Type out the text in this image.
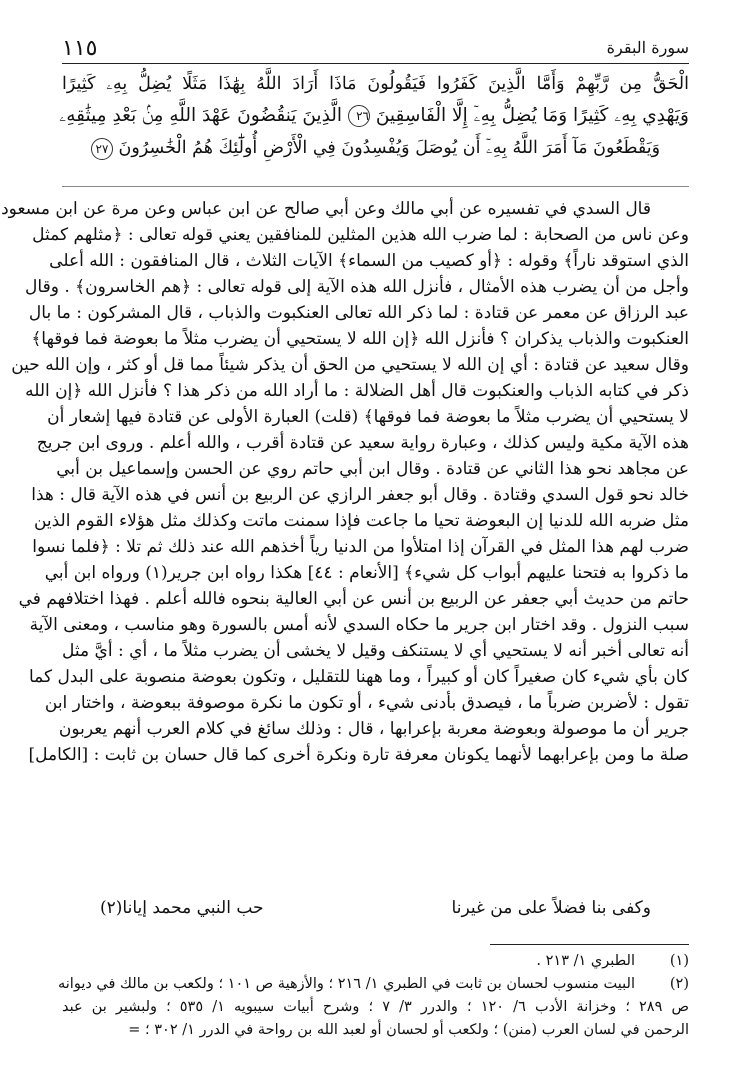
١١٥	سورة البقرة
الْحَقُّ مِن رَّبِّهِمْ وَأَمَّا الَّذِينَ كَفَرُوا فَيَقُولُونَ مَاذَا أَرَادَ اللَّهُ بِهَٰذَا مَثَلًا يُضِلُّ بِهِۦ كَثِيرًا
وَيَهْدِي بِهِۦ كَثِيرًا وَمَا يُضِلُّ بِهِۦٓ إِلَّا الْفَاسِقِينَ ٢٦ الَّذِينَ يَنقُضُونَ عَهْدَ اللَّهِ مِنۢ بَعْدِ مِيثَٰقِهِۦ
وَيَقْطَعُونَ مَآ أَمَرَ اللَّهُ بِهِۦٓ أَن يُوصَلَ وَيُفْسِدُونَ فِي الْأَرْضِ أُولَٰٓئِكَ هُمُ الْخَٰسِرُونَ ٢٧
قال السدي في تفسيره عن أبي مالك وعن أبي صالح عن ابن عباس وعن مرة عن ابن مسعود
وعن ناس من الصحابة : لما ضرب الله هذين المثلين للمنافقين يعني قوله تعالى : ﴿مثلهم كمثل
الذي استوقد ناراً﴾ وقوله : ﴿أو كصيب من السماء﴾ الآيات الثلاث ، قال المنافقون : الله أعلى
وأجل من أن يضرب هذه الأمثال ، فأنزل الله هذه الآية إلى قوله تعالى : ﴿هم الخاسرون﴾ . وقال
عبد الرزاق عن معمر عن قتادة : لما ذكر الله تعالى العنكبوت والذباب ، قال المشركون : ما بال
العنكبوت والذباب يذكران ؟ فأنزل الله ﴿إن الله لا يستحيي أن يضرب مثلاً ما بعوضة فما فوقها﴾
وقال سعيد عن قتادة : أي إن الله لا يستحيي من الحق أن يذكر شيئاً مما قل أو كثر ، وإن الله حين
ذكر في كتابه الذباب والعنكبوت قال أهل الضلالة : ما أراد الله من ذكر هذا ؟ فأنزل الله ﴿إن الله
لا يستحيي أن يضرب مثلاً ما بعوضة فما فوقها﴾ (قلت) العبارة الأولى عن قتادة فيها إشعار أن
هذه الآية مكية وليس كذلك ، وعبارة رواية سعيد عن قتادة أقرب ، والله أعلم . وروى ابن جريج
عن مجاهد نحو هذا الثاني عن قتادة . وقال ابن أبي حاتم روي عن الحسن وإسماعيل بن أبي
خالد نحو قول السدي وقتادة . وقال أبو جعفر الرازي عن الربيع بن أنس في هذه الآية قال : هذا
مثل ضربه الله للدنيا إن البعوضة تحيا ما جاعت فإذا سمنت ماتت وكذلك مثل هؤلاء القوم الذين
ضرب لهم هذا المثل في القرآن إذا امتلأوا من الدنيا رياً أخذهم الله عند ذلك ثم تلا : ﴿فلما نسوا
ما ذكروا به فتحنا عليهم أبواب كل شيء﴾ [الأنعام : ٤٤] هكذا رواه ابن جرير(١) ورواه ابن أبي
حاتم من حديث أبي جعفر عن الربيع بن أنس عن أبي العالية بنحوه فالله أعلم . فهذا اختلافهم في
سبب النزول . وقد اختار ابن جرير ما حكاه السدي لأنه أمس بالسورة وهو مناسب ، ومعنى الآية
أنه تعالى أخبر أنه لا يستحيي أي لا يستنكف وقيل لا يخشى أن يضرب مثلاً ما ، أي : أيَّ مثل
كان بأي شيء كان صغيراً كان أو كبيراً ، وما ههنا للتقليل ، وتكون بعوضة منصوبة على البدل كما
تقول : لأضربن ضرباً ما ، فيصدق بأدنى شيء ، أو تكون ما نكرة موصوفة ببعوضة ، واختار ابن
جرير أن ما موصولة وبعوضة معربة بإعرابها ، قال : وذلك سائغ في كلام العرب أنهم يعربون
صلة ما ومن بإعرابهما لأنهما يكونان معرفة تارة ونكرة أخرى كما قال حسان بن ثابت : [الكامل]
وكفى بنا فضلاً على من غيرنا
حب النبي محمد إيانا(٢)
(١)
الطبري ١/ ٢١٣ .
(٢)
البيت منسوب لحسان بن ثابت في الطبري ١/ ٢١٦ ؛ والأزهية ص ١٠١ ؛ ولكعب بن مالك في ديوانه
ص ٢٨٩ ؛ وخزانة الأدب ٦/ ١٢٠ ؛ والدرر ٣/ ٧ ؛ وشرح أبيات سيبويه ١/ ٥٣٥ ؛ ولبشير بن عبد
الرحمن في لسان العرب (منن) ؛ ولكعب أو لحسان أو لعبد الله بن رواحة في الدرر ١/ ٣٠٢ ؛ =
